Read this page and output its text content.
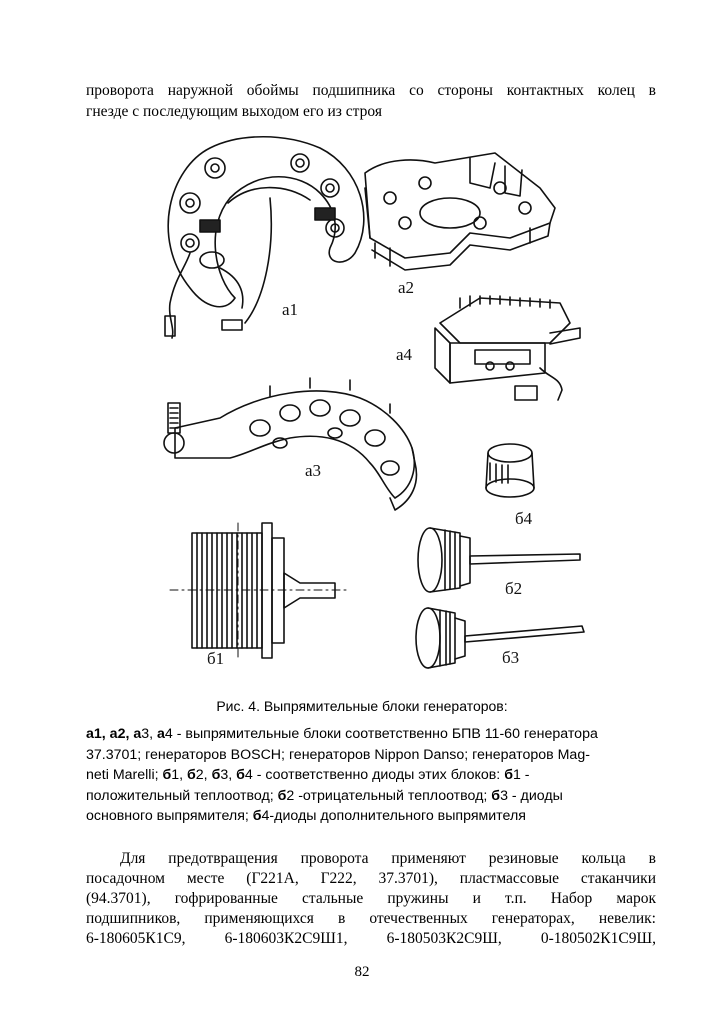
проворота наружной обоймы подшипника со стороны контактных колец в
гнезде с последующим выходом его из строя
а1
а2
а4
а3
б4
б2
б1	б3
Рис. 4. Выпрямительные блоки генераторов:
а1, а2, а3, а4 - выпрямительные блоки соответственно БПВ 11-60 генератора
37.3701; генераторов BOSCH; генераторов Nippon Danso; генераторов Mag-
neti Marelli; б1, б2, б3, б4 - соответственно диоды этих блоков: б1 -
положительный теплоотвод; б2 -отрицательный теплоотвод; б3 - диоды
основного выпрямителя; б4-диоды дополнительного выпрямителя
Для предотвращения проворота применяют резиновые кольца в
посадочном месте (Г221А, Г222, 37.3701), пластмассовые стаканчики
(94.3701), гофрированные стальные пружины и т.п. Набор марок
подшипников, применяющихся в отечественных генераторах, невелик:
6-180605К1С9, 6-180603К2С9Ш1, 6-180503К2С9Ш, 0-180502К1С9Ш,
82
